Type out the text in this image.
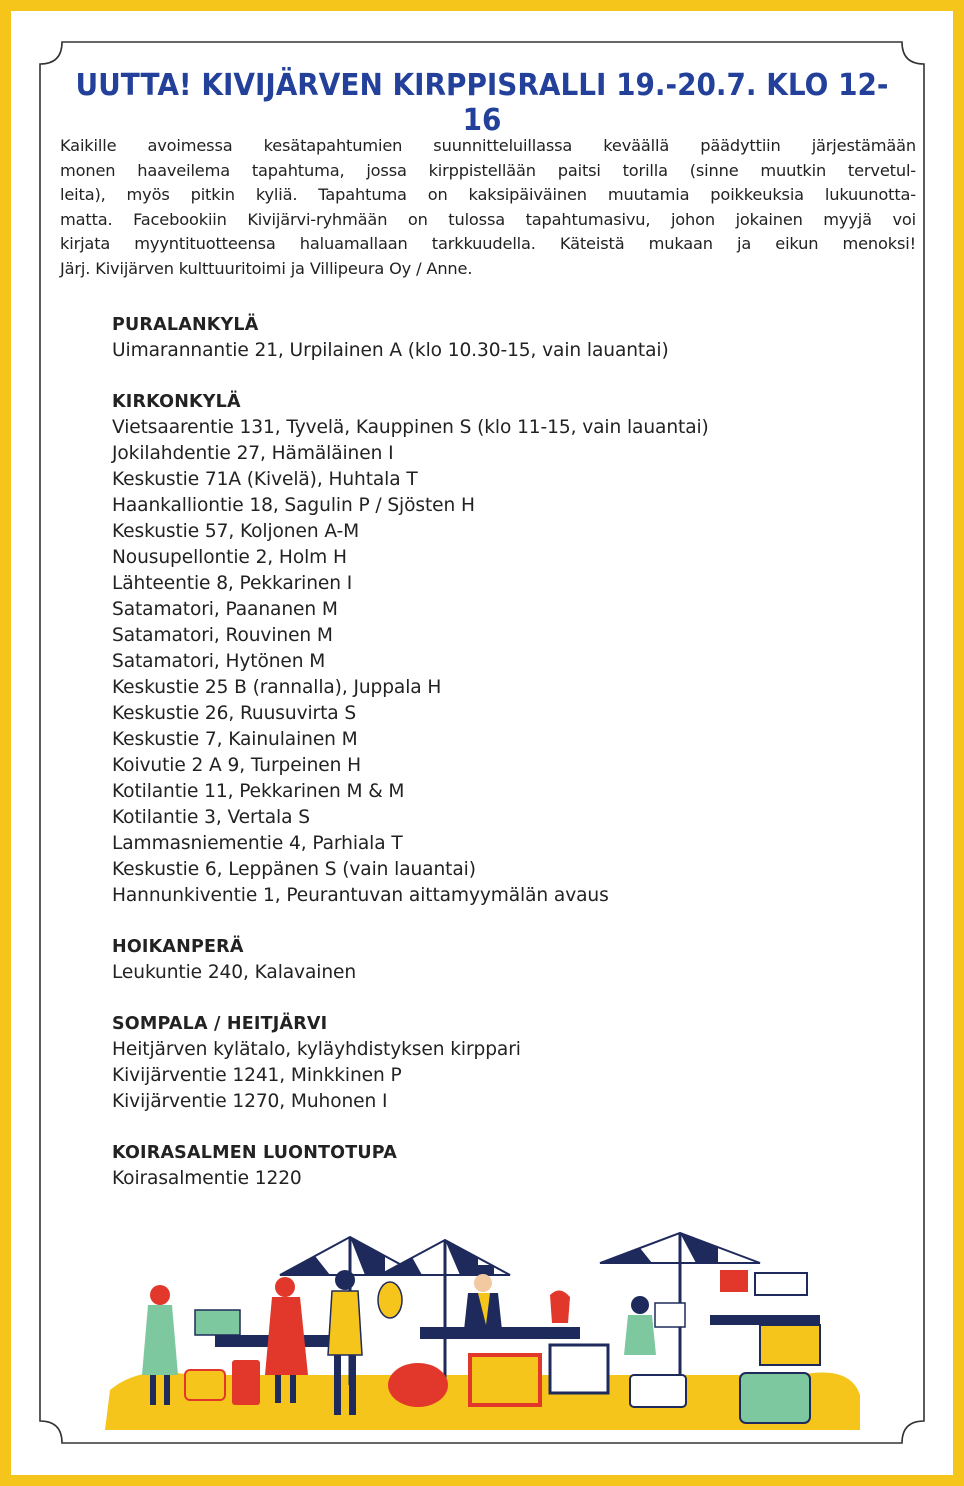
UUTTA! KIVIJÄRVEN KIRPPISRALLI 19.-20.7. KLO 12-16
Kaikille avoimessa kesätapahtumien suunnitteluillassa keväällä päädyttiin järjestämään
monen haaveilema tapahtuma, jossa kirppistellään paitsi torilla (sinne muutkin tervetul-
leita), myös pitkin kyliä. Tapahtuma on kaksipäiväinen muutamia poikkeuksia lukuunotta-
matta. Facebookiin Kivijärvi-ryhmään on tulossa tapahtumasivu, johon jokainen myyjä voi
kirjata myyntituotteensa haluamallaan tarkkuudella. Käteistä mukaan ja eikun menoksi!
Järj. Kivijärven kulttuuritoimi ja Villipeura Oy / Anne.

PURALANKYLÄ

Uimarannantie 21, Urpilainen A (klo 10.30-15, vain lauantai)

KIRKONKYLÄ

Vietsaarentie 131, Tyvelä, Kauppinen S (klo 11-15, vain lauantai)

Jokilahdentie 27, Hämäläinen I

Keskustie 71A (Kivelä), Huhtala T

Haankalliontie 18, Sagulin P / Sjösten H

Keskustie 57, Koljonen A-M

Nousupellontie 2, Holm H

Lähteentie 8, Pekkarinen I

Satamatori, Paananen M

Satamatori, Rouvinen M

Satamatori, Hytönen M

Keskustie 25 B (rannalla), Juppala H

Keskustie 26, Ruusuvirta S

Keskustie 7, Kainulainen M

Koivutie 2 A 9, Turpeinen H

Kotilantie 11, Pekkarinen M & M

Kotilantie 3, Vertala S

Lammasniementie 4, Parhiala T

Keskustie 6, Leppänen S (vain lauantai)

Hannunkiventie 1, Peurantuvan aittamyymälän avaus

HOIKANPERÄ

Leukuntie 240, Kalavainen

SOMPALA / HEITJÄRVI

Heitjärven kylätalo, kyläyhdistyksen kirppari

Kivijärventie 1241, Minkkinen P

Kivijärventie 1270, Muhonen I

KOIRASALMEN LUONTOTUPA

Koirasalmentie 1220
